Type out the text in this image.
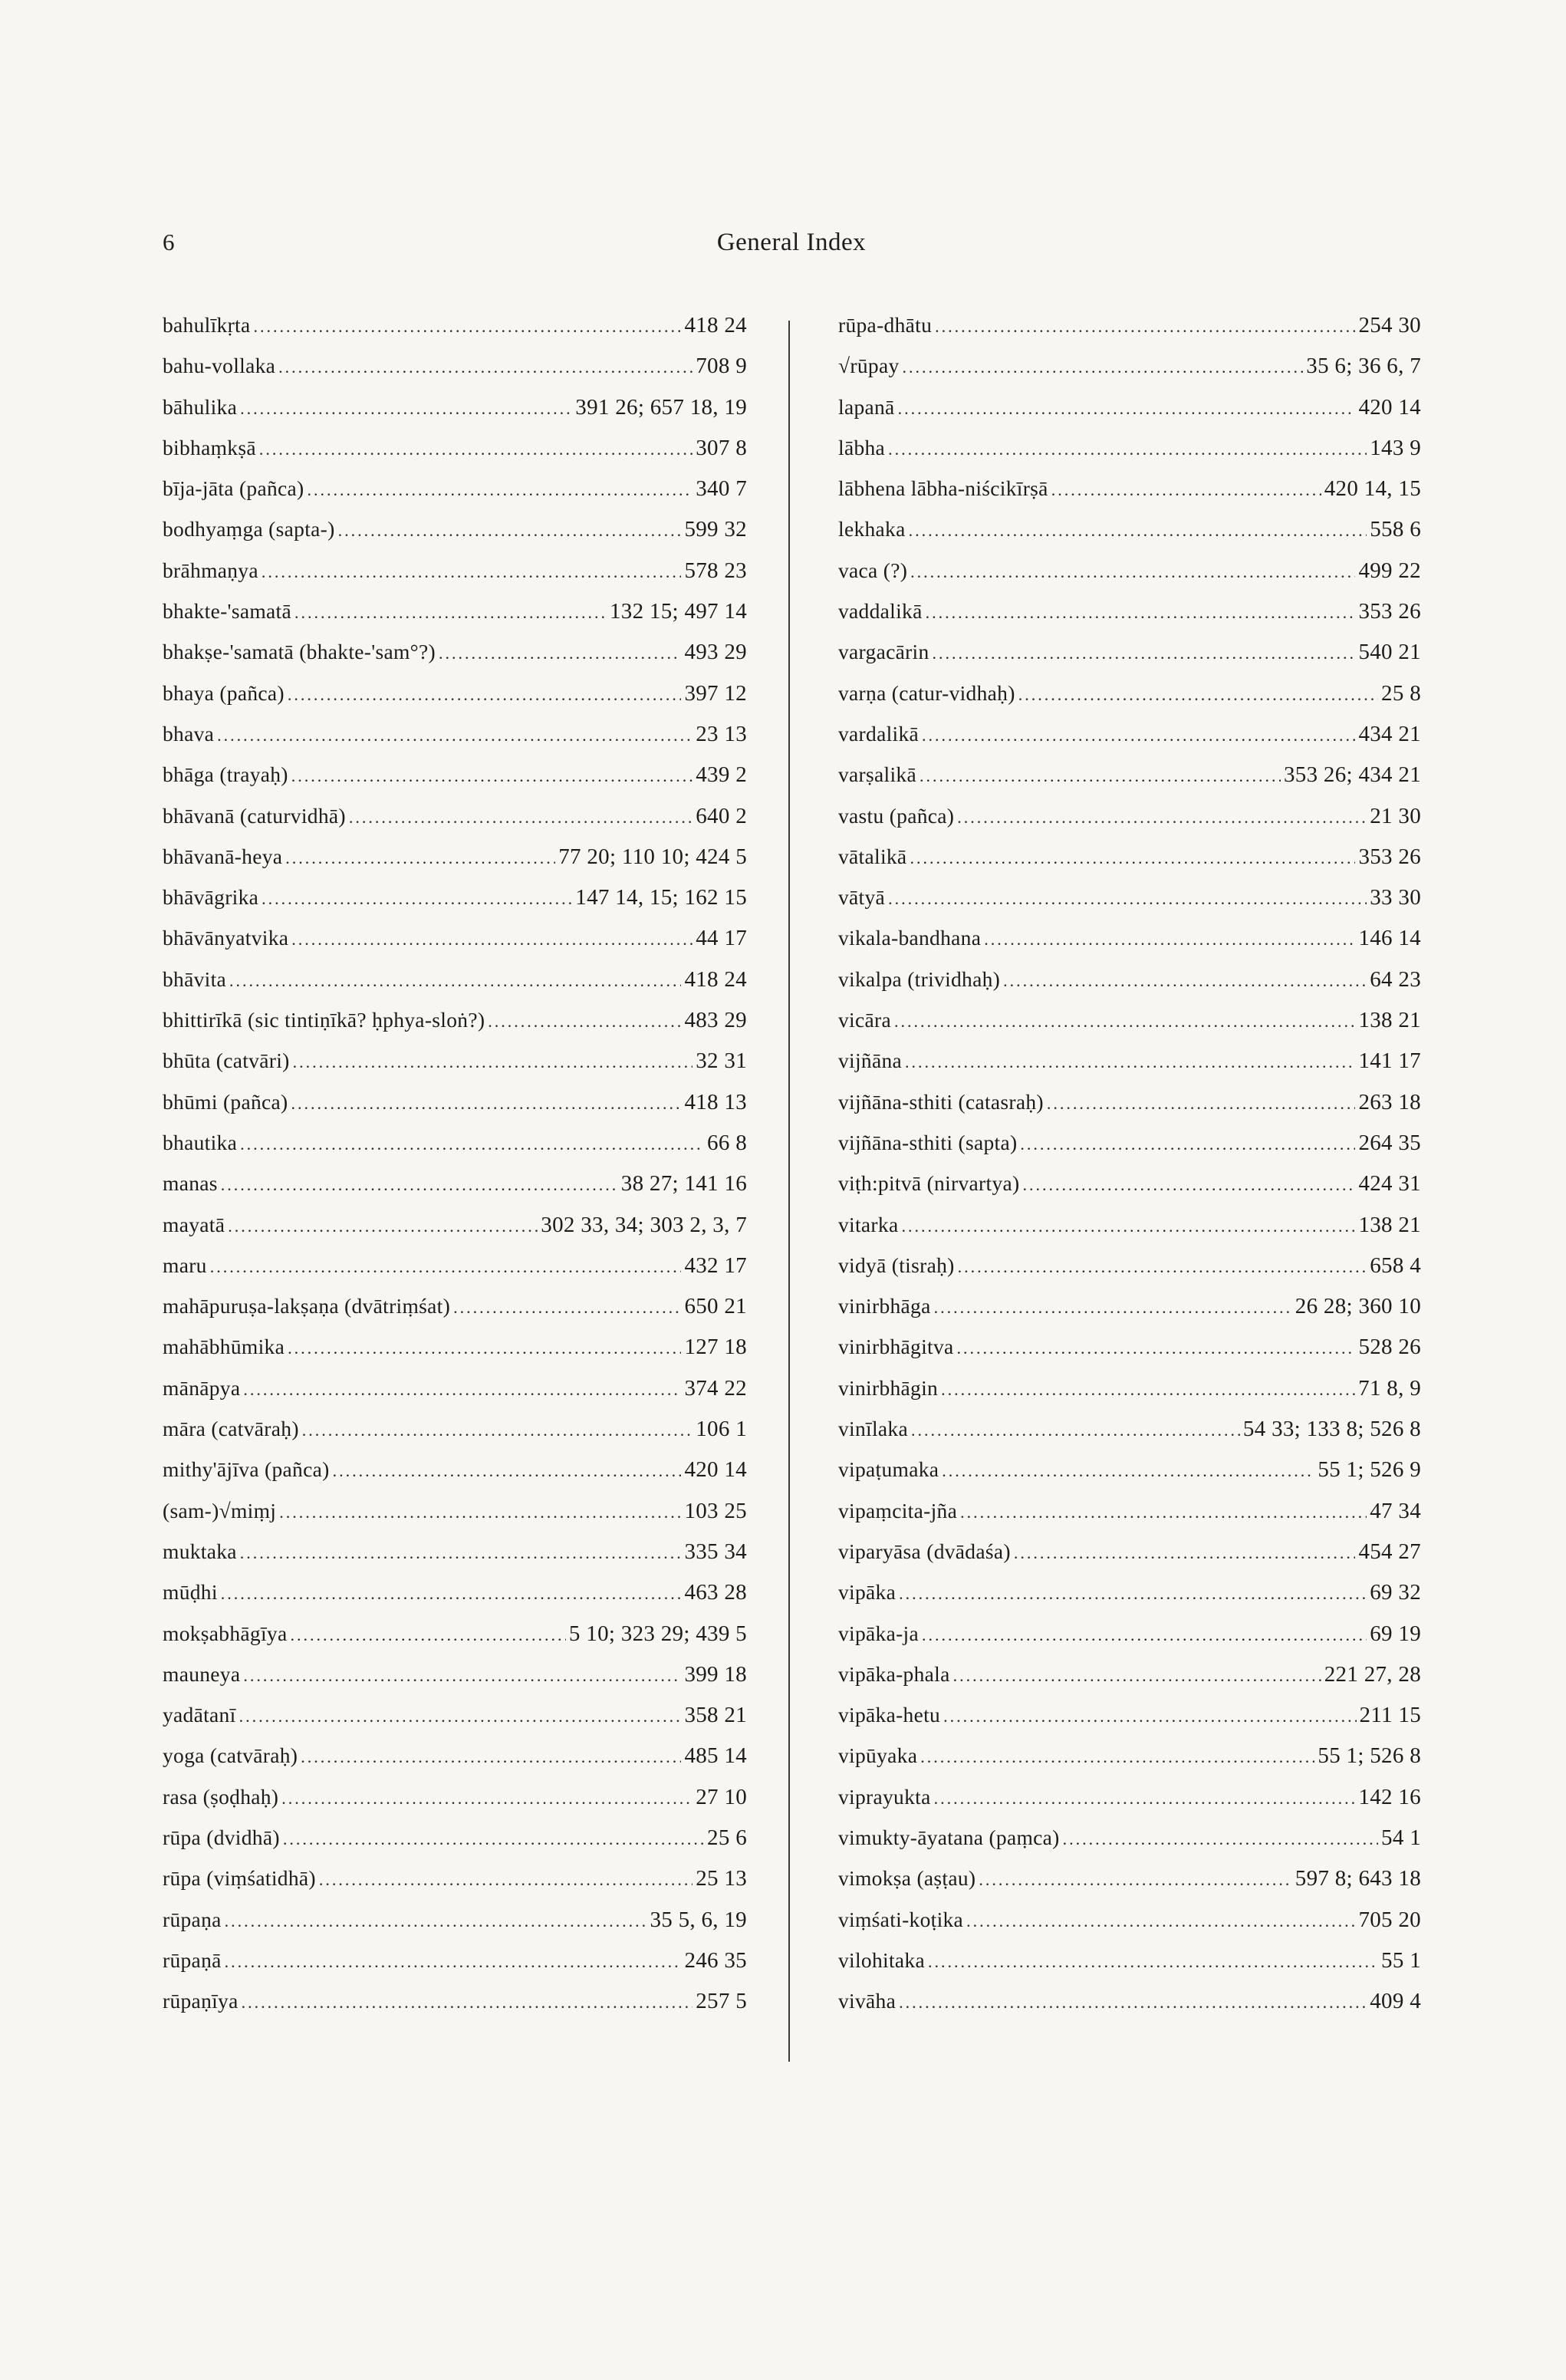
6	General Index
bahulīkṛta .....	418 24
bahu-vollaka .....	708 9
bāhulika .....	391 26; 657 18, 19
bibhaṃkṣā .....	307 8
bīja-jāta (pañca) .....	340 7
bodhyaṃga (sapta-) .....	599 32
brāhmaṇya .....	578 23
bhakte-'samatā .....	132 15; 497 14
bhakṣe-'samatā (bhakte-'sam°?) .....	493 29
bhaya (pañca) .....	397 12
bhava .....	23 13
bhāga (trayaḥ) .....	439 2
bhāvanā (caturvidhā) .....	640 2
bhāvanā-heya .....	77 20; 110 10; 424 5
bhāvāgrika .....	147 14, 15; 162 15
bhāvānyatvika .....	44 17
bhāvita .....	418 24
bhittirīkā (sic tintiṇīkā? ḥphya-sloṅ?) .....	483 29
bhūta (catvāri) .....	32 31
bhūmi (pañca) .....	418 13
bhautika .....	66 8
manas .....	38 27; 141 16
mayatā .....	302 33, 34; 303 2, 3, 7
maru .....	432 17
mahāpuruṣa-lakṣaṇa (dvātriṃśat) .....	650 21
mahābhūmika .....	127 18
mānāpya .....	374 22
māra (catvāraḥ) .....	106 1
mithy'ājīva (pañca) .....	420 14
(sam-)√miṃj .....	103 25
muktaka .....	335 34
mūḍhi .....	463 28
mokṣabhāgīya .....	5 10; 323 29; 439 5
mauneya .....	399 18
yadātanī .....	358 21
yoga (catvāraḥ) .....	485 14
rasa (ṣoḍhaḥ) .....	27 10
rūpa (dvidhā) .....	25 6
rūpa (viṃśatidhā) .....	25 13
rūpaṇa .....	35 5, 6, 19
rūpaṇā .....	246 35
rūpaṇīya .....	257 5
rūpa-dhātu .....	254 30
√rūpay .....	35 6; 36 6, 7
lapanā .....	420 14
lābha .....	143 9
lābhena lābha-niścikīrṣā .....	420 14, 15
lekhaka .....	558 6
vaca (?) .....	499 22
vaddalikā .....	353 26
vargacārin .....	540 21
varṇa (catur-vidhaḥ) .....	25 8
vardalikā .....	434 21
varṣalikā .....	353 26; 434 21
vastu (pañca) .....	21 30
vātalikā .....	353 26
vātyā .....	33 30
vikala-bandhana .....	146 14
vikalpa (trividhaḥ) .....	64 23
vicāra .....	138 21
vijñāna .....	141 17
vijñāna-sthiti (catasraḥ) .....	263 18
vijñāna-sthiti (sapta) .....	264 35
viṭh:pitvā (nirvartya) .....	424 31
vitarka .....	138 21
vidyā (tisraḥ) .....	658 4
vinirbhāga .....	26 28; 360 10
vinirbhāgitva .....	528 26
vinirbhāgin .....	71 8, 9
vinīlaka .....	54 33; 133 8; 526 8
vipaṭumaka .....	55 1; 526 9
vipaṃcita-jña .....	47 34
viparyāsa (dvādaśa) .....	454 27
vipāka .....	69 32
vipāka-ja .....	69 19
vipāka-phala .....	221 27, 28
vipāka-hetu .....	211 15
vipūyaka .....	55 1; 526 8
viprayukta .....	142 16
vimukty-āyatana (paṃca) .....	54 1
vimokṣa (aṣṭau) .....	597 8; 643 18
viṃśati-koṭika .....	705 20
vilohitaka .....	55 1
vivāha .....	409 4
